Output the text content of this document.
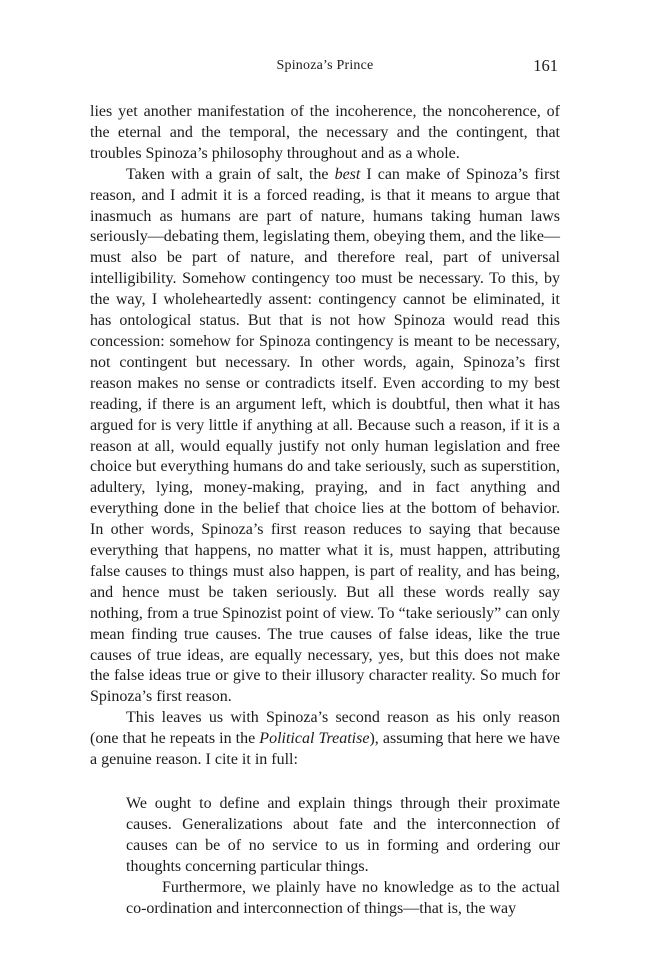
Spinoza’s Prince	161

lies yet another manifestation of the incoherence, the noncoherence, of the eternal and the temporal, the necessary and the contingent, that troubles Spinoza’s philosophy throughout and as a whole.

Taken with a grain of salt, the best I can make of Spinoza’s first reason, and I admit it is a forced reading, is that it means to argue that inasmuch as humans are part of nature, humans taking human laws seriously—debating them, legislating them, obeying them, and the like—must also be part of nature, and therefore real, part of universal intelligibility. Somehow contingency too must be necessary. To this, by the way, I wholeheartedly assent: contingency cannot be eliminated, it has ontological status. But that is not how Spinoza would read this concession: somehow for Spinoza contingency is meant to be necessary, not contingent but necessary. In other words, again, Spinoza’s first reason makes no sense or contradicts itself. Even according to my best reading, if there is an argument left, which is doubtful, then what it has argued for is very little if anything at all. Because such a reason, if it is a reason at all, would equally justify not only human legislation and free choice but everything humans do and take seriously, such as superstition, adultery, lying, money-making, praying, and in fact anything and everything done in the belief that choice lies at the bottom of behavior. In other words, Spinoza’s first reason reduces to saying that because everything that happens, no matter what it is, must happen, attributing false causes to things must also happen, is part of reality, and has being, and hence must be taken seriously. But all these words really say nothing, from a true Spinozist point of view. To “take seriously” can only mean finding true causes. The true causes of false ideas, like the true causes of true ideas, are equally necessary, yes, but this does not make the false ideas true or give to their illusory character reality. So much for Spinoza’s first reason.

This leaves us with Spinoza’s second reason as his only reason (one that he repeats in the Political Treatise), assuming that here we have a genuine reason. I cite it in full:

We ought to define and explain things through their proximate causes. Generalizations about fate and the interconnection of causes can be of no service to us in forming and ordering our thoughts concerning particular things.

Furthermore, we plainly have no knowledge as to the actual co-ordination and interconnection of things—that is, the way
